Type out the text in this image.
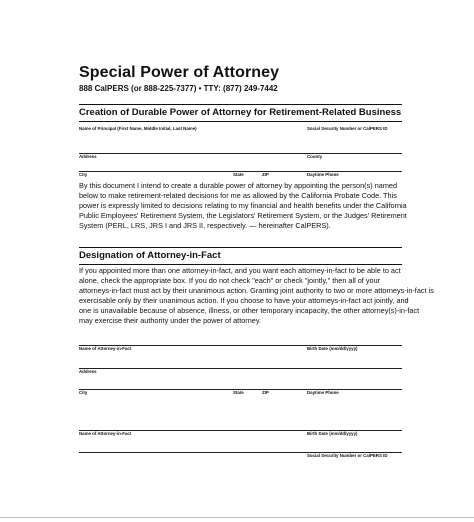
Special Power of Attorney
888 CalPERS (or 888-225-7377) • TTY: (877) 249-7442
Creation of Durable Power of Attorney for Retirement-Related Business
Name of Principal (First Name, Middle Initial, Last Name)	Social Security Number or CalPERS ID
Address	County
City	State	ZIP	Daytime Phone
By this document I intend to create a durable power of attorney by appointing the person(s) named
below to make retirement-related decisions for me as allowed by the California Probate Code. This
power is expressly limited to decisions relating to my financial and health benefits under the California
Public Employees' Retirement System, the Legislators' Retirement System, or the Judges' Retirement
System (PERL, LRS, JRS I and JRS II, respectively. — hereinafter CalPERS).
Designation of Attorney-in-Fact
If you appointed more than one attorney-in-fact, and you want each attorney-in-fact to be able to act
alone, check the appropriate box. If you do not check "each" or check "jointly," then all of your
attorneys-in-fact must act by their unanimous action. Granting joint authority to two or more attorneys-in-fact is
exercisable only by their unanimous action. If you choose to have your attorneys-in-fact act jointly, and
one is unavailable because of absence, illness, or other temporary incapacity, the other attorney(s)-in-fact
may exercise their authority under the power of attorney.
Name of Attorney-in-Fact	Birth Date (mm/dd/yyyy)
Address
City	State	ZIP	Daytime Phone
Name of Attorney-in-Fact	Birth Date (mm/dd/yyyy)
Social Security Number or CalPERS ID
